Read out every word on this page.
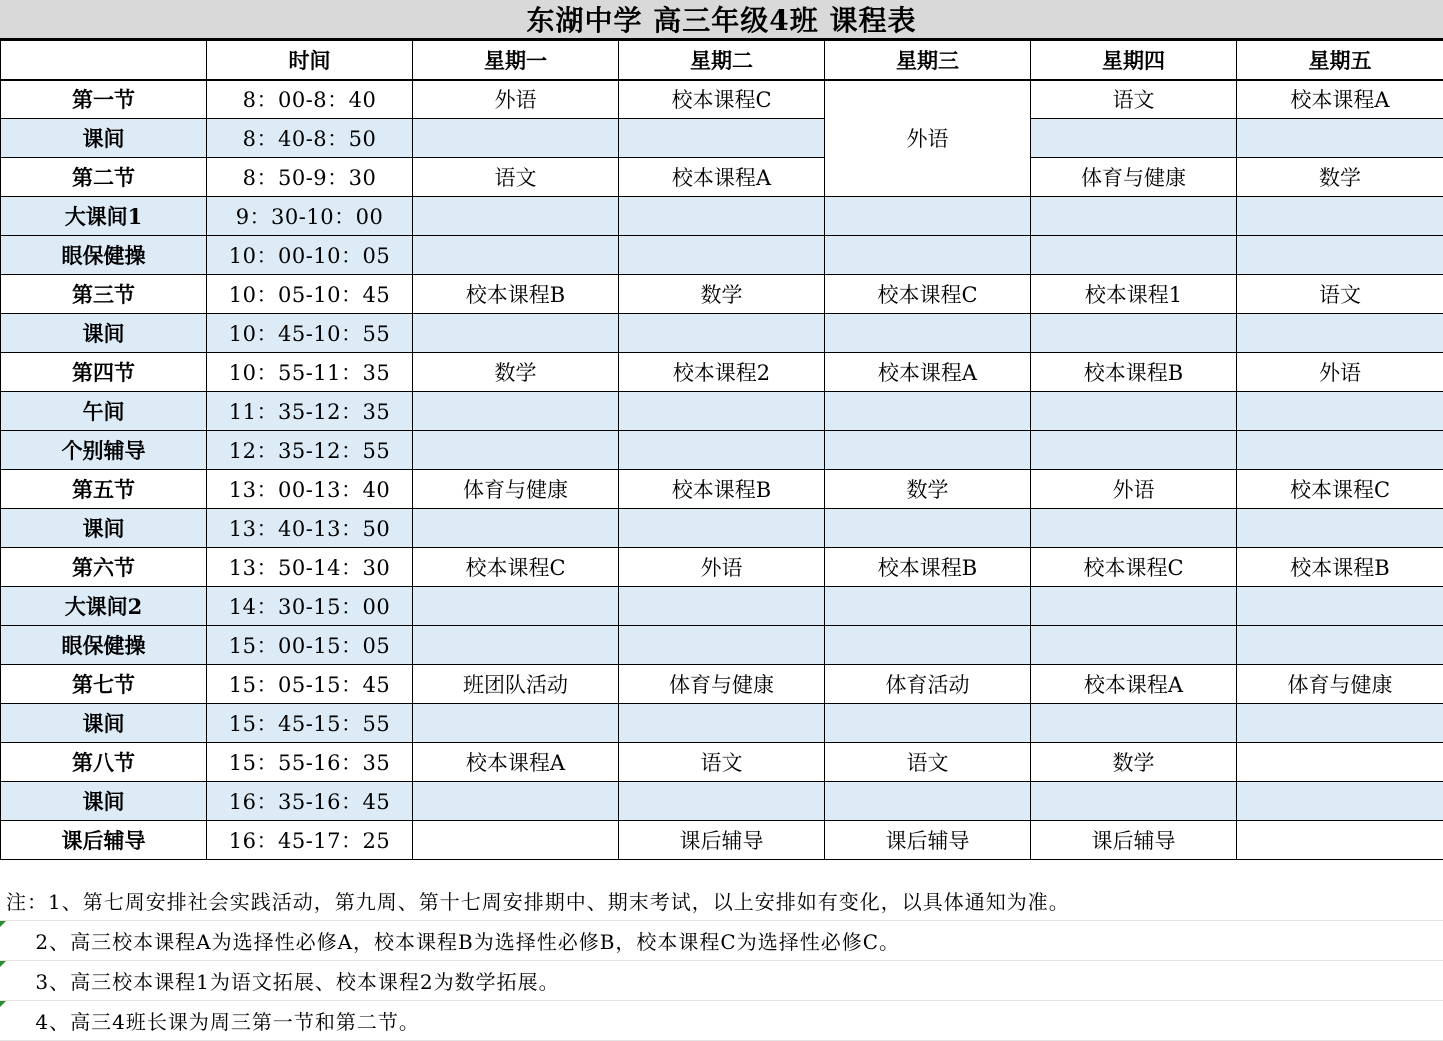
东湖中学 高三年级4班 课程表
	时间	星期一	星期二	星期三	星期四	星期五
第一节	8：00-8：40	外语	校本课程C	外语	语文	校本课程A
课间	8：40-8：50					
第二节	8：50-9：30	语文	校本课程A		体育与健康	数学
大课间1	9：30-10：00					
眼保健操	10：00-10：05					
第三节	10：05-10：45	校本课程B	数学	校本课程C	校本课程1	语文
课间	10：45-10：55					
第四节	10：55-11：35	数学	校本课程2	校本课程A	校本课程B	外语
午间	11：35-12：35					
个别辅导	12：35-12：55					
第五节	13：00-13：40	体育与健康	校本课程B	数学	外语	校本课程C
课间	13：40-13：50					
第六节	13：50-14：30	校本课程C	外语	校本课程B	校本课程C	校本课程B
大课间2	14：30-15：00					
眼保健操	15：00-15：05					
第七节	15：05-15：45	班团队活动	体育与健康	体育活动	校本课程A	体育与健康
课间	15：45-15：55					
第八节	15：55-16：35	校本课程A	语文	语文	数学	
课间	16：35-16：45					
课后辅导	16：45-17：25		课后辅导	课后辅导	课后辅导	
注：1、第七周安排社会实践活动，第九周、第十七周安排期中、期末考试，以上安排如有变化，以具体通知为准。
2、高三校本课程A为选择性必修A，校本课程B为选择性必修B，校本课程C为选择性必修C。
3、高三校本课程1为语文拓展、校本课程2为数学拓展。
4、高三4班长课为周三第一节和第二节。
